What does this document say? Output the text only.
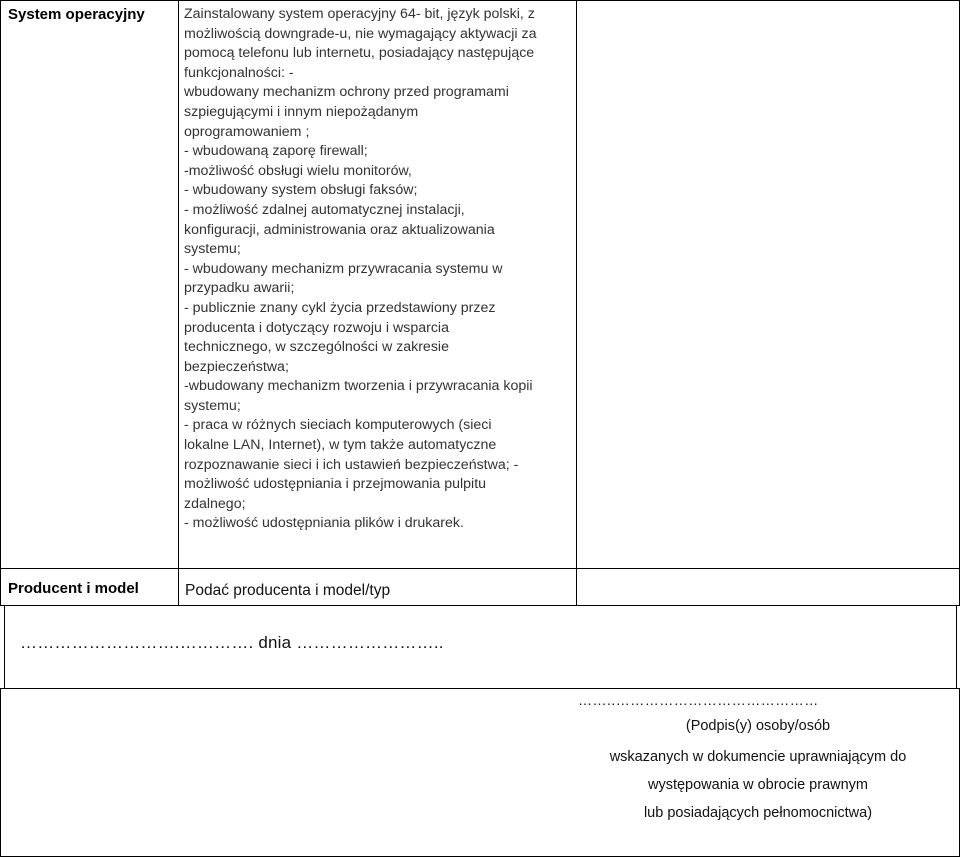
System operacyjny	Zainstalowany system operacyjny 64- bit, język polski, z

możliwością downgrade-u, nie wymagający aktywacji za

pomocą telefonu lub internetu, posiadający następujące

funkcjonalności: -

wbudowany mechanizm ochrony przed programami

szpiegującymi i innym niepożądanym

oprogramowaniem ;

- wbudowaną zaporę firewall;

-możliwość obsługi wielu monitorów,

- wbudowany system obsługi faksów;

- możliwość zdalnej automatycznej instalacji,

konfiguracji, administrowania oraz aktualizowania

systemu;

- wbudowany mechanizm przywracania systemu w

przypadku awarii;

- publicznie znany cykl życia przedstawiony przez

producenta i dotyczący rozwoju i wsparcia

technicznego, w szczególności w zakresie

bezpieczeństwa;

-wbudowany mechanizm tworzenia i przywracania kopii

systemu;

- praca w różnych sieciach komputerowych (sieci

lokalne LAN, Internet), w tym także automatyczne

rozpoznawanie sieci i ich ustawień bezpieczeństwa; -

możliwość udostępniania i przejmowania pulpitu

zdalnego;

- możliwość udostępniania plików i drukarek.

Producent i model	Podać producenta i model/typ
……………………….…………. dnia ……………………..
……..……………………………………
(Podpis(y) osoby/osób
wskazanych w dokumencie uprawniającym do
występowania w obrocie prawnym
lub posiadających pełnomocnictwa)
